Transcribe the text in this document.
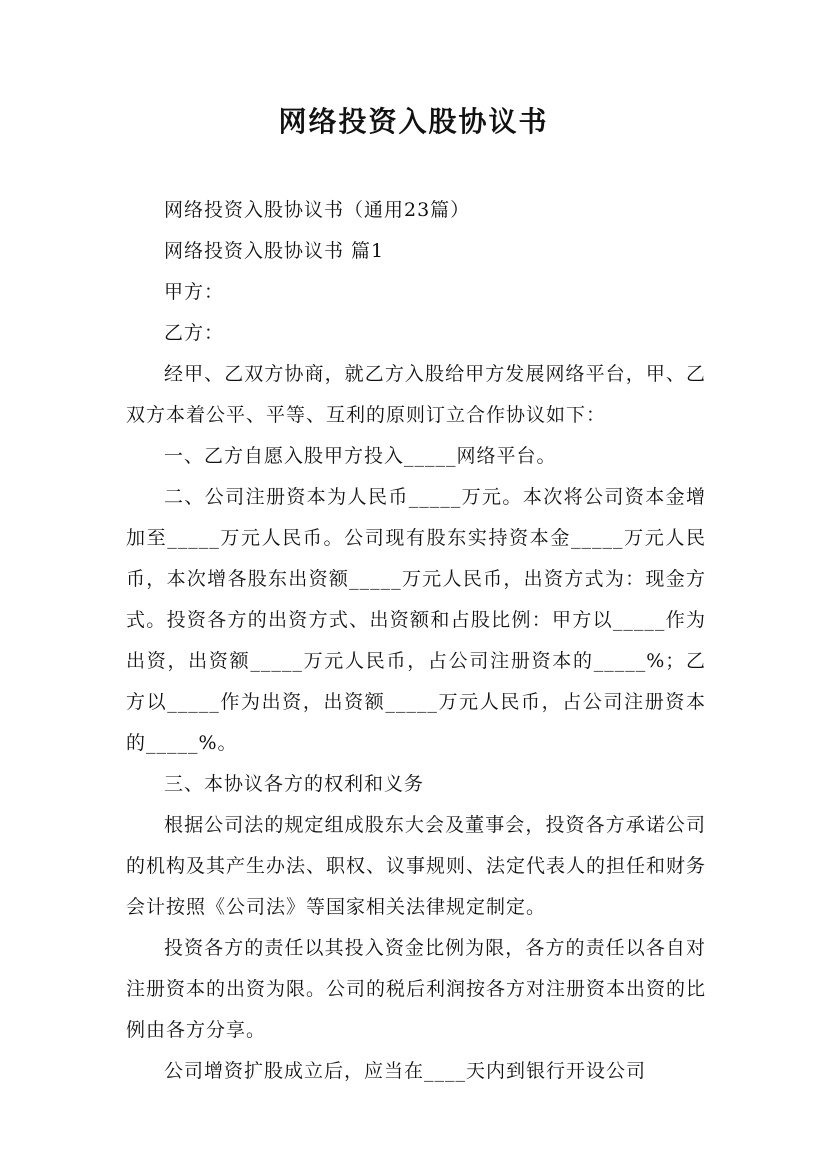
网络投资入股协议书

网络投资入股协议书（通用23篇）

网络投资入股协议书 篇1

甲方：

乙方：

经甲、乙双方协商，就乙方入股给甲方发展网络平台，甲、乙双方本着公平、平等、互利的原则订立合作协议如下：

一、乙方自愿入股甲方投入_____网络平台。

二、公司注册资本为人民币_____万元。本次将公司资本金增加至_____万元人民币。公司现有股东实持资本金_____万元人民币，本次增各股东出资额_____万元人民币，出资方式为：现金方式。投资各方的出资方式、出资额和占股比例：甲方以_____作为出资，出资额_____万元人民币，占公司注册资本的_____%；乙方以_____作为出资，出资额_____万元人民币，占公司注册资本的_____%。

三、本协议各方的权利和义务

根据公司法的规定组成股东大会及董事会，投资各方承诺公司的机构及其产生办法、职权、议事规则、法定代表人的担任和财务会计按照《公司法》等国家相关法律规定制定。

投资各方的责任以其投入资金比例为限，各方的责任以各自对注册资本的出资为限。公司的税后利润按各方对注册资本出资的比例由各方分享。

公司增资扩股成立后，应当在____天内到银行开设公司
